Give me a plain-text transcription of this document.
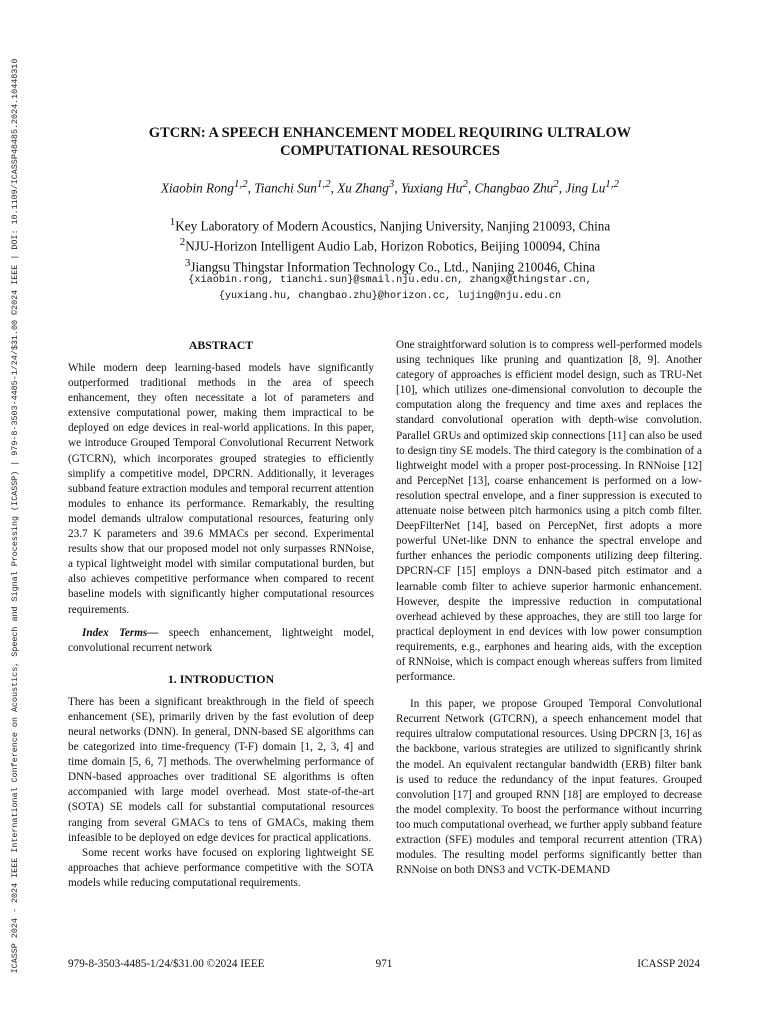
ICASSP 2024 - 2024 IEEE International Conference on Acoustics, Speech and Signal Processing (ICASSP) | 979-8-3503-4485-1/24/$31.00 ©2024 IEEE | DOI: 10.1109/ICASSP48485.2024.10448310	GTCRN: A SPEECH ENHANCEMENT MODEL REQUIRING ULTRALOW
COMPUTATIONAL RESOURCES
Xiaobin Rong$^{1,2}$, Tianchi Sun$^{1,2}$, Xu Zhang$^3$, Yuxiang Hu$^2$, Changbao Zhu$^2$, Jing Lu$^{1,2}$
$^1$Key Laboratory of Modern Acoustics, Nanjing University, Nanjing 210093, China
$^2$NJU-Horizon Intelligent Audio Lab, Horizon Robotics, Beijing 100094, China
$^3$Jiangsu Thingstar Information Technology Co., Ltd., Nanjing 210046, China
{xiaobin.rong, tianchi.sun}@smail.nju.edu.cn, zhangx@thingstar.cn,
{yuxiang.hu, changbao.zhu}@horizon.cc, lujing@nju.edu.cn
ABSTRACT

While modern deep learning-based models have significantly outperformed traditional methods in the area of speech enhancement, they often necessitate a lot of parameters and extensive computational power, making them impractical to be deployed on edge devices in real-world applications. In this paper, we introduce Grouped Temporal Convolutional Recurrent Network (GTCRN), which incorporates grouped strategies to efficiently simplify a competitive model, DPCRN. Additionally, it leverages subband feature extraction modules and temporal recurrent attention modules to enhance its performance. Remarkably, the resulting model demands ultralow computational resources, featuring only 23.7 K parameters and 39.6 MMACs per second. Experimental results show that our proposed model not only surpasses RNNoise, a typical lightweight model with similar computational burden, but also achieves competitive performance when compared to recent baseline models with significantly higher computational resources requirements.

Index Terms— speech enhancement, lightweight model, convolutional recurrent network

1. INTRODUCTION

There has been a significant breakthrough in the field of speech enhancement (SE), primarily driven by the fast evolution of deep neural networks (DNN). In general, DNN-based SE algorithms can be categorized into time-frequency (T-F) domain [1, 2, 3, 4] and time domain [5, 6, 7] methods. The overwhelming performance of DNN-based approaches over traditional SE algorithms is often accompanied with large model overhead. Most state-of-the-art (SOTA) SE models call for substantial computational resources ranging from several GMACs to tens of GMACs, making them infeasible to be deployed on edge devices for practical applications.

Some recent works have focused on exploring lightweight SE approaches that achieve performance competitive with the SOTA models while reducing computational requirements.

One straightforward solution is to compress well-performed models using techniques like pruning and quantization [8, 9]. Another category of approaches is efficient model design, such as TRU-Net [10], which utilizes one-dimensional convolution to decouple the computation along the frequency and time axes and replaces the standard convolutional operation with depth-wise convolution. Parallel GRUs and optimized skip connections [11] can also be used to design tiny SE models. The third category is the combination of a lightweight model with a proper post-processing. In RNNoise [12] and PercepNet [13], coarse enhancement is performed on a low-resolution spectral envelope, and a finer suppression is executed to attenuate noise between pitch harmonics using a pitch comb filter. DeepFilterNet [14], based on PercepNet, first adopts a more powerful UNet-like DNN to enhance the spectral envelope and further enhances the periodic components utilizing deep filtering. DPCRN-CF [15] employs a DNN-based pitch estimator and a learnable comb filter to achieve superior harmonic enhancement. However, despite the impressive reduction in computational overhead achieved by these approaches, they are still too large for practical deployment in end devices with low power consumption requirements, e.g., earphones and hearing aids, with the exception of RNNoise, which is compact enough whereas suffers from limited performance.

In this paper, we propose Grouped Temporal Convolutional Recurrent Network (GTCRN), a speech enhancement model that requires ultralow computational resources. Using DPCRN [3, 16] as the backbone, various strategies are utilized to significantly shrink the model. An equivalent rectangular bandwidth (ERB) filter bank is used to reduce the redundancy of the input features. Grouped convolution [17] and grouped RNN [18] are employed to decrease the model complexity. To boost the performance without incurring too much computational overhead, we further apply subband feature extraction (SFE) modules and temporal recurrent attention (TRA) modules. The resulting model performs significantly better than RNNoise on both DNS3 and VCTK-DEMAND

971
979-8-3503-4485-1/24/$31.00 ©2024 IEEE	ICASSP 2024
